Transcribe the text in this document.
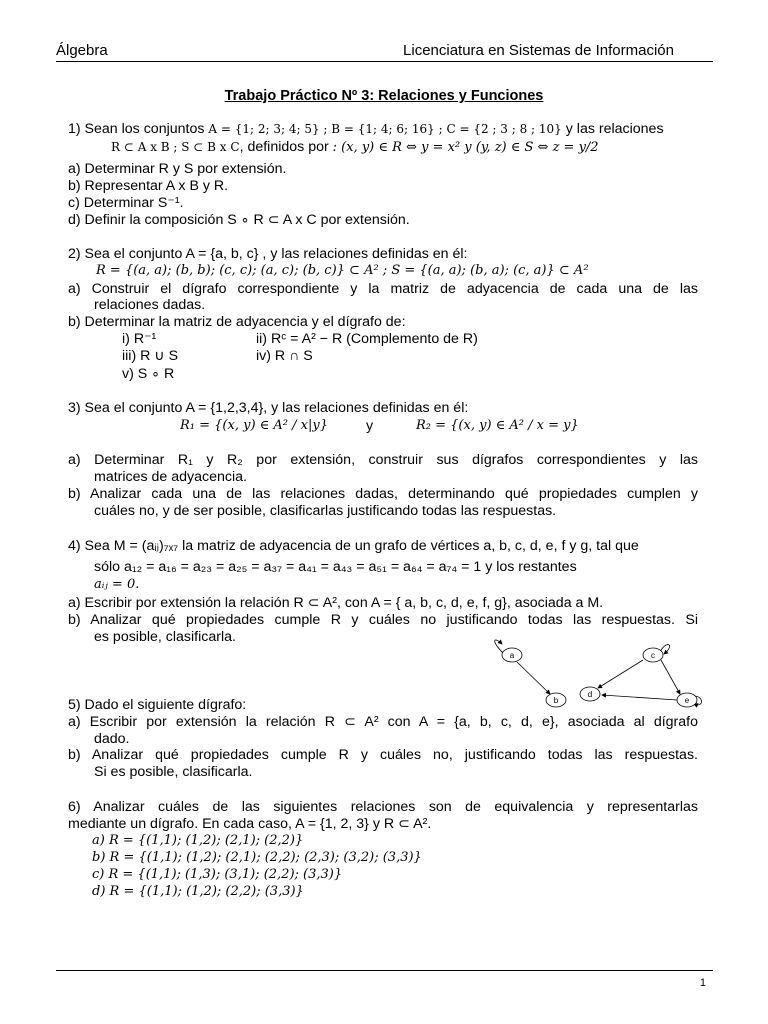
Álgebra	Licenciatura en Sistemas de Información
Trabajo Práctico Nº 3: Relaciones y Funciones
1) Sean los conjuntos A = {1; 2; 3; 4; 5} ; B = {1; 4; 6; 16} ; C = {2 ; 3 ; 8 ; 10} y las relaciones
R ⊂ A x B ; S ⊂ B x C, definidos por : (x, y) ∈ R ⇔ y = x² y (y, z) ∈ S ⇔ z = y/2
a) Determinar R y S por extensión.
b) Representar A x B y R.
c) Determinar S⁻¹.
d) Definir la composición S ∘ R ⊂ A x C por extensión.
2) Sea el conjunto A = {a, b, c} , y las relaciones definidas en él:
R = {(a, a); (b, b); (c, c); (a, c); (b, c)} ⊂ A² ; S = {(a, a); (b, a); (c, a)} ⊂ A²
a) Construir el dígrafo correspondiente y la matriz de adyacencia de cada una de las
relaciones dadas.
b) Determinar la matriz de adyacencia y el dígrafo de:
i) R⁻¹	ii) Rᶜ = A² − R (Complemento de R)
iii) R ∪ S	iv) R ∩ S
v) S ∘ R
3) Sea el conjunto A = {1,2,3,4}, y las relaciones definidas en él:
R₁ = {(x, y) ∈ A² / x|y}	y	R₂ = {(x, y) ∈ A² / x = y}
a) Determinar R₁ y R₂ por extensión, construir sus dígrafos correspondientes y las
matrices de adyacencia.
b) Analizar cada una de las relaciones dadas, determinando qué propiedades cumplen y
cuáles no, y de ser posible, clasificarlas justificando todas las respuestas.
4) Sea M = (aᵢⱼ)₇ₓ₇ la matriz de adyacencia de un grafo de vértices a, b, c, d, e, f y g, tal que
sólo a₁₂ = a₁₆ = a₂₃ = a₂₅ = a₃₇ = a₄₁ = a₄₃ = a₅₁ = a₆₄ = a₇₄ = 1 y los restantes
aᵢⱼ = 0.
a) Escribir por extensión la relación R ⊂ A², con A = { a, b, c, d, e, f, g}, asociada a M.
b) Analizar qué propiedades cumple R y cuáles no justificando todas las respuestas. Si
es posible, clasificarla.
a
b
c
d
e
5) Dado el siguiente dígrafo:
a) Escribir por extensión la relación R ⊂ A² con A = {a, b, c, d, e}, asociada al dígrafo
dado.
b) Analizar qué propiedades cumple R y cuáles no, justificando todas las respuestas.
Si es posible, clasificarla.
6) Analizar cuáles de las siguientes relaciones son de equivalencia y representarlas
mediante un dígrafo. En cada caso, A = {1, 2, 3} y R ⊂ A².
a) R = {(1,1); (1,2); (2,1); (2,2)}
b) R = {(1,1); (1,2); (2,1); (2,2); (2,3); (3,2); (3,3)}
c) R = {(1,1); (1,3); (3,1); (2,2); (3,3)}
d) R = {(1,1); (1,2); (2,2); (3,3)}
1
